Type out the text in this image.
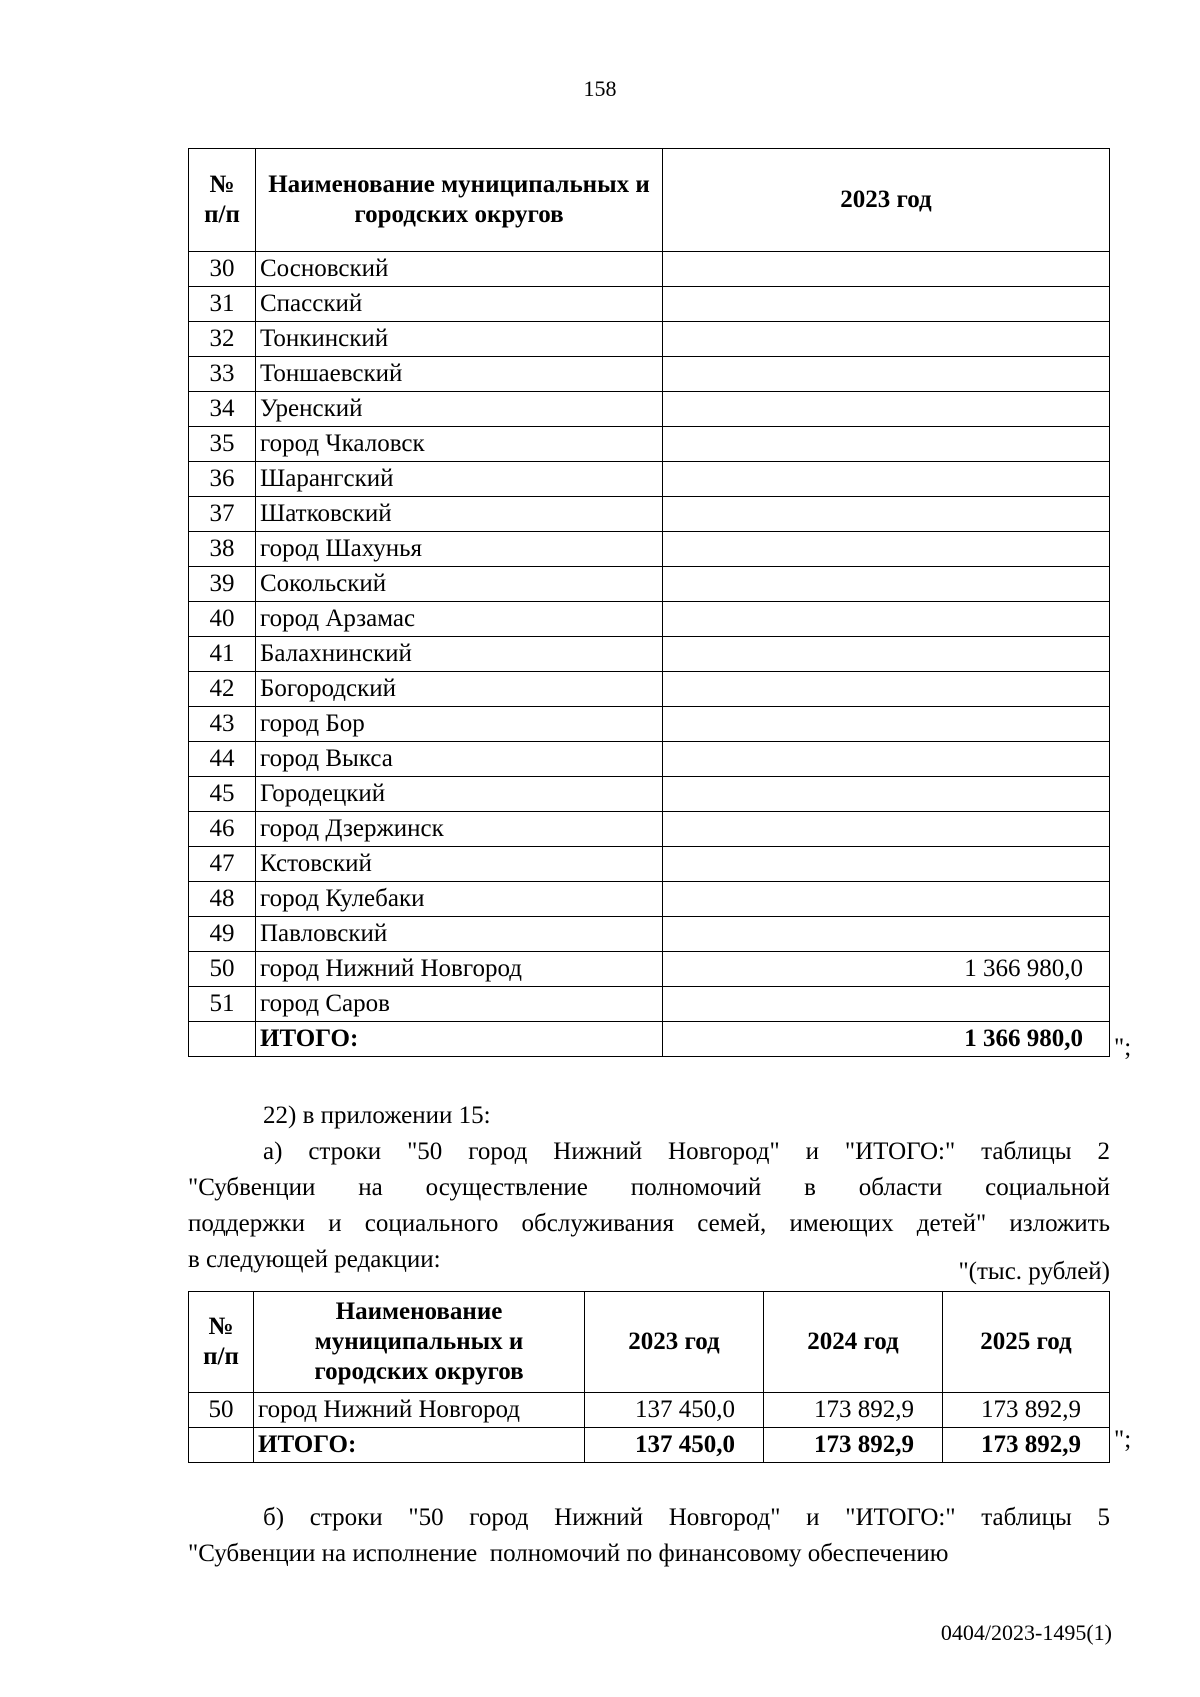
158
№
п/п	Наименование муниципальных и городских округов	2023 год
30	Сосновский	
31	Спасский	
32	Тонкинский	
33	Тоншаевский	
34	Уренский	
35	город Чкаловск	
36	Шарангский	
37	Шатковский	
38	город Шахунья	
39	Сокольский	
40	город Арзамас	
41	Балахнинский	
42	Богородский	
43	город Бор	
44	город Выкса	
45	Городецкий	
46	город Дзержинск	
47	Кстовский	
48	город Кулебаки	
49	Павловский	
50	город Нижний Новгород	1 366 980,0
51	город Саров	
	ИТОГО:	1 366 980,0 ";
22) в приложении 15:
а) строки "50 город Нижний Новгород" и "ИТОГО:" таблицы 2
"Субвенции на осуществление полномочий в области социальной
поддержки и социального обслуживания семей, имеющих детей" изложить
в следующей редакции:	"(тыс. рублей)
№
п/п	Наименование муниципальных и городских округов	2023 год	2024 год	2025 год
50	город Нижний Новгород	137 450,0	173 892,9	173 892,9
	ИТОГО:	137 450,0	173 892,9	173 892,9 ";
б) строки "50 город Нижний Новгород" и "ИТОГО:" таблицы 5
"Субвенции на исполнение  полномочий по финансовому обеспечению
0404/2023-1495(1)
